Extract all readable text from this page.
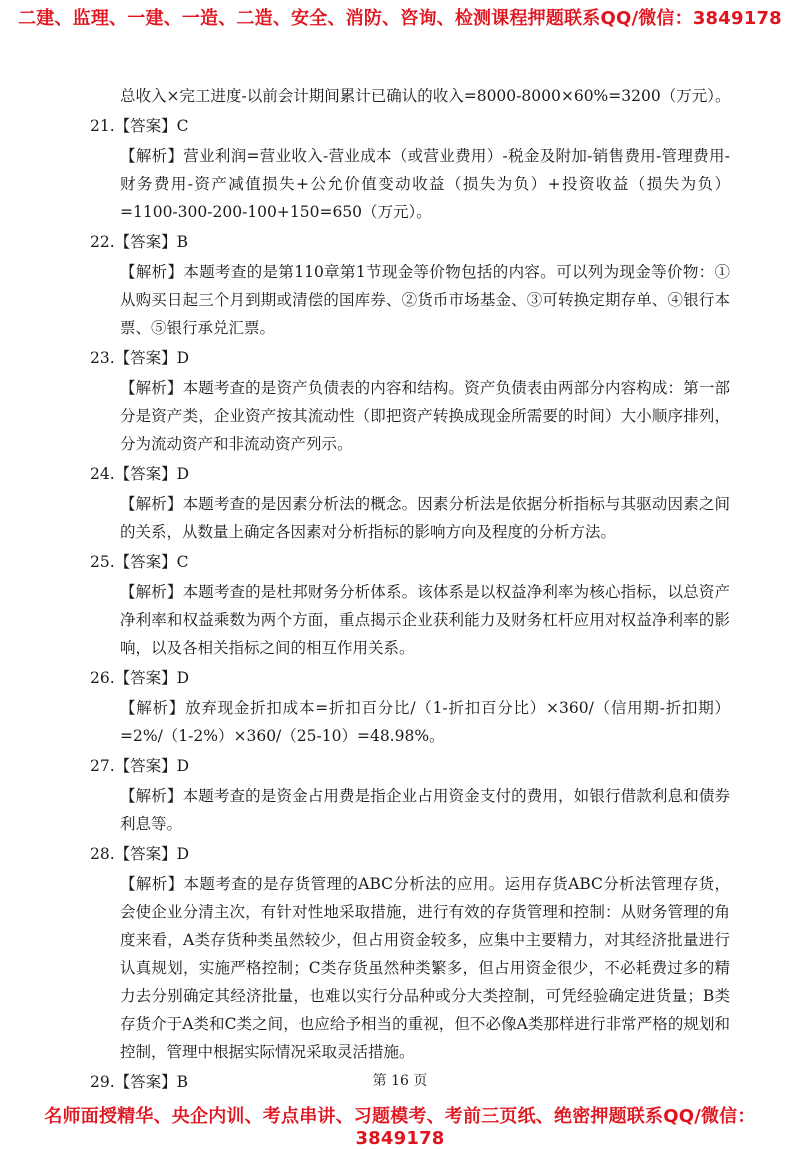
二建、监理、一建、一造、二造、安全、消防、咨询、检测课程押题联系QQ/微信：3849178
总收入×完工进度-以前会计期间累计已确认的收入=8000-8000×60%=3200（万元）。
21.【答案】C
【解析】营业利润=营业收入-营业成本（或营业费用）-税金及附加-销售费用-管理费用-财务费用-资产减值损失+公允价值变动收益（损失为负）+投资收益（损失为负）=1100-300-200-100+150=650（万元）。
22.【答案】B
【解析】本题考查的是第110章第1节现金等价物包括的内容。可以列为现金等价物：①从购买日起三个月到期或清偿的国库券、②货币市场基金、③可转换定期存单、④银行本票、⑤银行承兑汇票。
23.【答案】D
【解析】本题考查的是资产负债表的内容和结构。资产负债表由两部分内容构成：第一部分是资产类，企业资产按其流动性（即把资产转换成现金所需要的时间）大小顺序排列，分为流动资产和非流动资产列示。
24.【答案】D
【解析】本题考查的是因素分析法的概念。因素分析法是依据分析指标与其驱动因素之间的关系，从数量上确定各因素对分析指标的影响方向及程度的分析方法。
25.【答案】C
【解析】本题考查的是杜邦财务分析体系。该体系是以权益净利率为核心指标，以总资产净利率和权益乘数为两个方面，重点揭示企业获利能力及财务杠杆应用对权益净利率的影响，以及各相关指标之间的相互作用关系。
26.【答案】D
【解析】放弃现金折扣成本=折扣百分比/（1-折扣百分比）×360/（信用期-折扣期）=2%/（1-2%）×360/（25-10）=48.98%。
27.【答案】D
【解析】本题考查的是资金占用费是指企业占用资金支付的费用，如银行借款利息和债券利息等。
28.【答案】D
【解析】本题考查的是存货管理的ABC分析法的应用。运用存货ABC分析法管理存货，会使企业分清主次，有针对性地采取措施，进行有效的存货管理和控制：从财务管理的角度来看，A类存货种类虽然较少，但占用资金较多，应集中主要精力，对其经济批量进行认真规划，实施严格控制；C类存货虽然种类繁多，但占用资金很少，不必耗费过多的精力去分别确定其经济批量，也难以实行分品种或分大类控制，可凭经验确定进货量；B类存货介于A类和C类之间，也应给予相当的重视，但不必像A类那样进行非常严格的规划和控制，管理中根据实际情况采取灵活措施。
29.【答案】B	第 16 页
名师面授精华、央企内训、考点串讲、习题模考、考前三页纸、绝密押题联系QQ/微信：3849178
